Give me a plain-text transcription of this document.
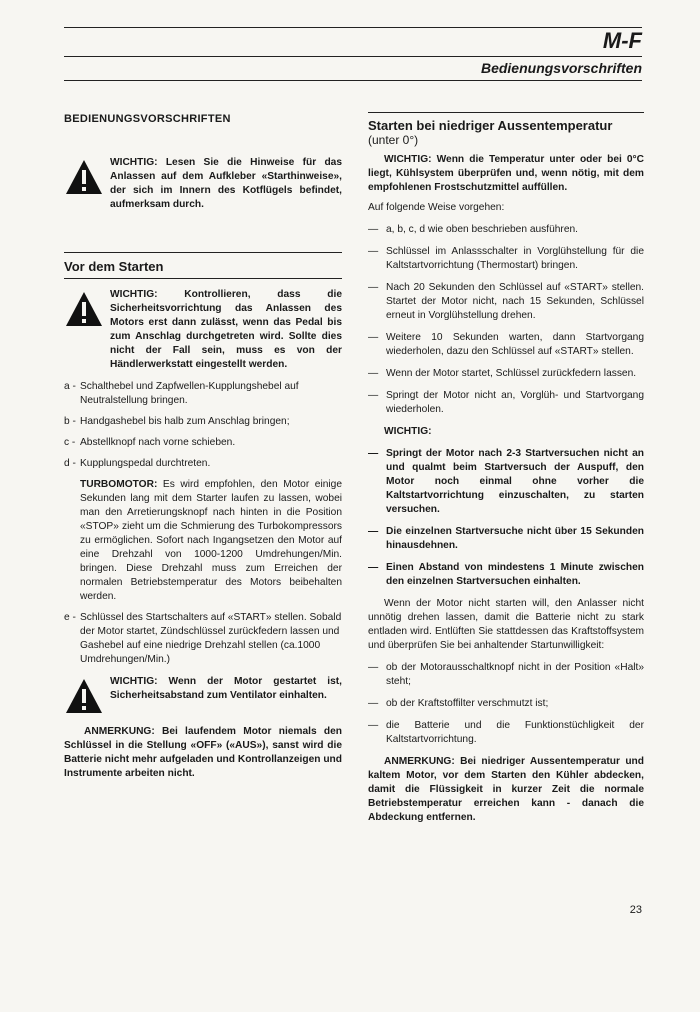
M-F
Bedienungsvorschriften
BEDIENUNGSVORSCHRIFTEN
WICHTIG: Lesen Sie die Hinweise für das Anlassen auf dem Aufkleber «Starthinweise», der sich im Innern des Kotflügels befindet, aufmerksam durch.
Vor dem Starten
WICHTIG: Kontrollieren, dass die Sicherheitsvorrichtung das Anlassen des Motors erst dann zulässt, wenn das Pedal bis zum Anschlag durchgetreten wird. Sollte dies nicht der Fall sein, muss es von der Händlerwerkstatt eingestellt werden.
a - Schalthebel und Zapfwellen-Kupplungshebel auf Neutralstellung bringen.
b - Handgashebel bis halb zum Anschlag bringen;
c - Abstellknopf nach vorne schieben.
d - Kupplungspedal durchtreten.

TURBOMOTOR: Es wird empfohlen, den Motor einige Sekunden lang mit dem Starter laufen zu lassen, wobei man den Arretierungsknopf nach hinten in die Position «STOP» zieht um die Schmierung des Turbokompressors zu ermöglichen. Sofort nach Ingangsetzen den Motor auf eine Drehzahl von 1000-1200 Umdrehungen/Min. bringen. Diese Drehzahl muss zum Erreichen der normalen Betriebstemperatur des Motors beibehalten werden.

e - Schlüssel des Startschalters auf «START» stellen. Sobald der Motor startet, Zündschlüssel zurückfedern lassen und Gashebel auf eine niedrige Drehzahl stellen (ca.1000 Umdrehungen/Min.)
WICHTIG: Wenn der Motor gestartet ist, Sicherheitsabstand zum Ventilator einhalten.

ANMERKUNG: Bei laufendem Motor niemals den Schlüssel in die Stellung «OFF» («AUS»), sanst wird die Batterie nicht mehr aufgeladen und Kontrollanzeigen und Instrumente arbeiten nicht.

Starten bei niedriger Aussentemperatur
(unter 0°)

WICHTIG: Wenn die Temperatur unter oder bei 0°C liegt, Kühlsystem überprüfen und, wenn nötig, mit dem empfohlenen Frostschutzmittel auffüllen.

Auf folgende Weise vorgehen:

— a, b, c, d wie oben beschrieben ausführen.
— Schlüssel im Anlassschalter in Vorglühstellung für die Kaltstartvorrichtung (Thermostart) bringen.
— Nach 20 Sekunden den Schlüssel auf «START» stellen. Startet der Motor nicht, nach 15 Sekunden, Schlüssel erneut in Vorglühstellung drehen.
— Weitere 10 Sekunden warten, dann Startvorgang wiederholen, dazu den Schlüssel auf «START» stellen.
— Wenn der Motor startet, Schlüssel zurückfedern lassen.
— Springt der Motor nicht an, Vorglüh- und Startvorgang wiederholen.

WICHTIG:

— Springt der Motor nach 2-3 Startversuchen nicht an und qualmt beim Startversuch der Auspuff, den Motor noch einmal ohne vorher die Kaltstartvorrichtung einzuschalten, zu starten versuchen.
— Die einzelnen Startversuche nicht über 15 Sekunden hinausdehnen.
— Einen Abstand von mindestens 1 Minute zwischen den einzelnen Startversuchen einhalten.

Wenn der Motor nicht starten will, den Anlasser nicht unnötig drehen lassen, damit die Batterie nicht zu stark entladen wird. Entlüften Sie stattdessen das Kraftstoffsystem und überprüfen Sie bei anhaltender Startunwilligkeit:

— ob der Motorausschaltknopf nicht in der Position «Halt» steht;
— ob der Kraftstoffilter verschmutzt ist;
— die Batterie und die Funktionstüchligkeit der Kaltstartvorrichtung.

ANMERKUNG: Bei niedriger Aussentemperatur und kaltem Motor, vor dem Starten den Kühler abdecken, damit die Flüssigkeit in kurzer Zeit die normale Betriebstemperatur erreichen kann - danach die Abdeckung entfernen.

23
